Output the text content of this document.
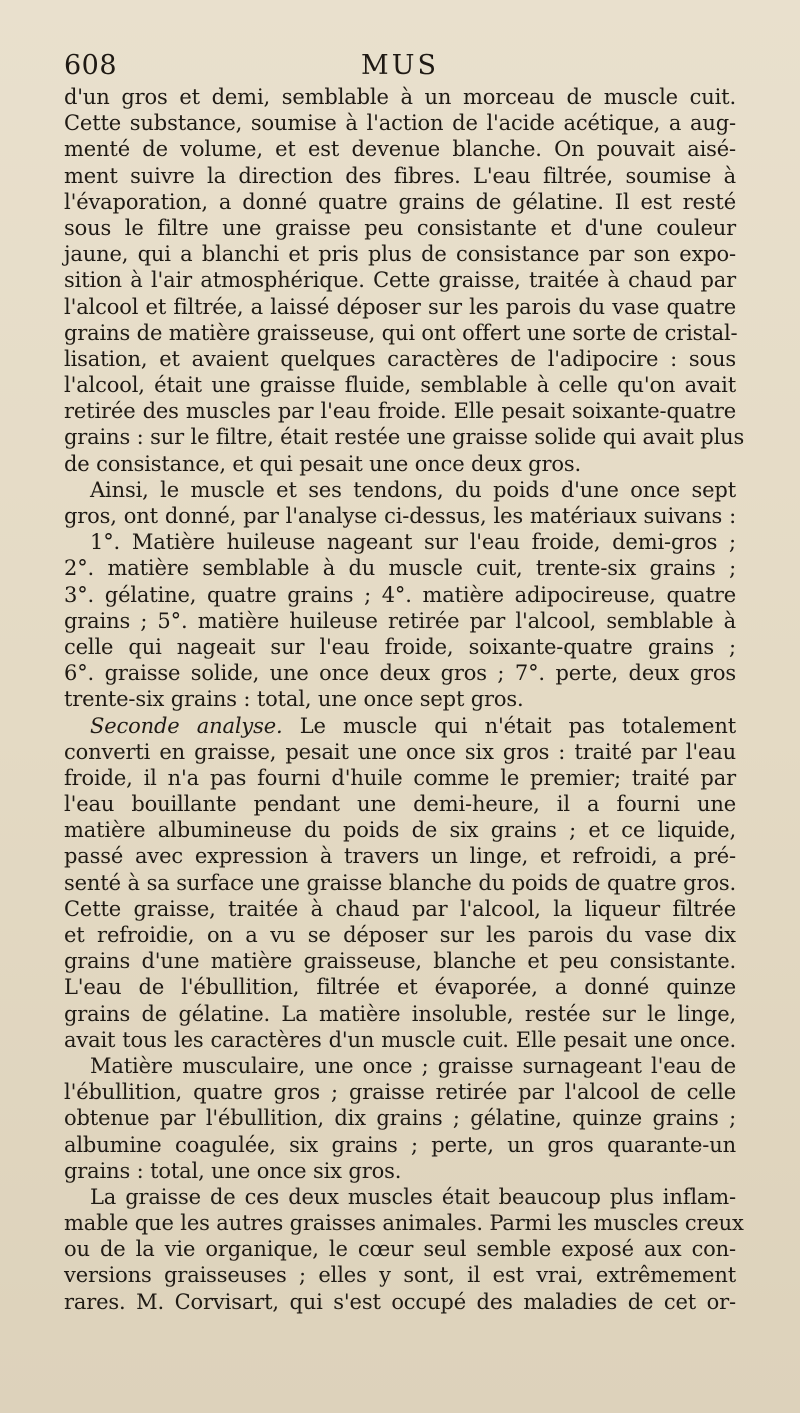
608	MUS
d'un gros et demi, semblable à un morceau de muscle cuit.
Cette substance, soumise à l'action de l'acide acétique, a aug-
menté de volume, et est devenue blanche. On pouvait aisé-
ment suivre la direction des fibres. L'eau filtrée, soumise à
l'évaporation, a donné quatre grains de gélatine. Il est resté
sous le filtre une graisse peu consistante et d'une couleur
jaune, qui a blanchi et pris plus de consistance par son expo-
sition à l'air atmosphérique. Cette graisse, traitée à chaud par
l'alcool et filtrée, a laissé déposer sur les parois du vase quatre
grains de matière graisseuse, qui ont offert une sorte de cristal-
lisation, et avaient quelques caractères de l'adipocire : sous
l'alcool, était une graisse fluide, semblable à celle qu'on avait
retirée des muscles par l'eau froide. Elle pesait soixante-quatre
grains : sur le filtre, était restée une graisse solide qui avait plus
de consistance, et qui pesait une once deux gros.
Ainsi, le muscle et ses tendons, du poids d'une once sept
gros, ont donné, par l'analyse ci-dessus, les matériaux suivans :
1°. Matière huileuse nageant sur l'eau froide, demi-gros ;
2°. matière semblable à du muscle cuit, trente-six grains ;
3°. gélatine, quatre grains ; 4°. matière adipocireuse, quatre
grains ; 5°. matière huileuse retirée par l'alcool, semblable à
celle qui nageait sur l'eau froide, soixante-quatre grains ;
6°. graisse solide, une once deux gros ; 7°. perte, deux gros
trente-six grains : total, une once sept gros.
Seconde analyse. Le muscle qui n'était pas totalement
converti en graisse, pesait une once six gros : traité par l'eau
froide, il n'a pas fourni d'huile comme le premier; traité par
l'eau bouillante pendant une demi-heure, il a fourni une
matière albumineuse du poids de six grains ; et ce liquide,
passé avec expression à travers un linge, et refroidi, a pré-
senté à sa surface une graisse blanche du poids de quatre gros.
Cette graisse, traitée à chaud par l'alcool, la liqueur filtrée
et refroidie, on a vu se déposer sur les parois du vase dix
grains d'une matière graisseuse, blanche et peu consistante.
L'eau de l'ébullition, filtrée et évaporée, a donné quinze
grains de gélatine. La matière insoluble, restée sur le linge,
avait tous les caractères d'un muscle cuit. Elle pesait une once.
Matière musculaire, une once ; graisse surnageant l'eau de
l'ébullition, quatre gros ; graisse retirée par l'alcool de celle
obtenue par l'ébullition, dix grains ; gélatine, quinze grains ;
albumine coagulée, six grains ; perte, un gros quarante-un
grains : total, une once six gros.
La graisse de ces deux muscles était beaucoup plus inflam-
mable que les autres graisses animales. Parmi les muscles creux
ou de la vie organique, le cœur seul semble exposé aux con-
versions graisseuses ; elles y sont, il est vrai, extrêmement
rares. M. Corvisart, qui s'est occupé des maladies de cet or-
